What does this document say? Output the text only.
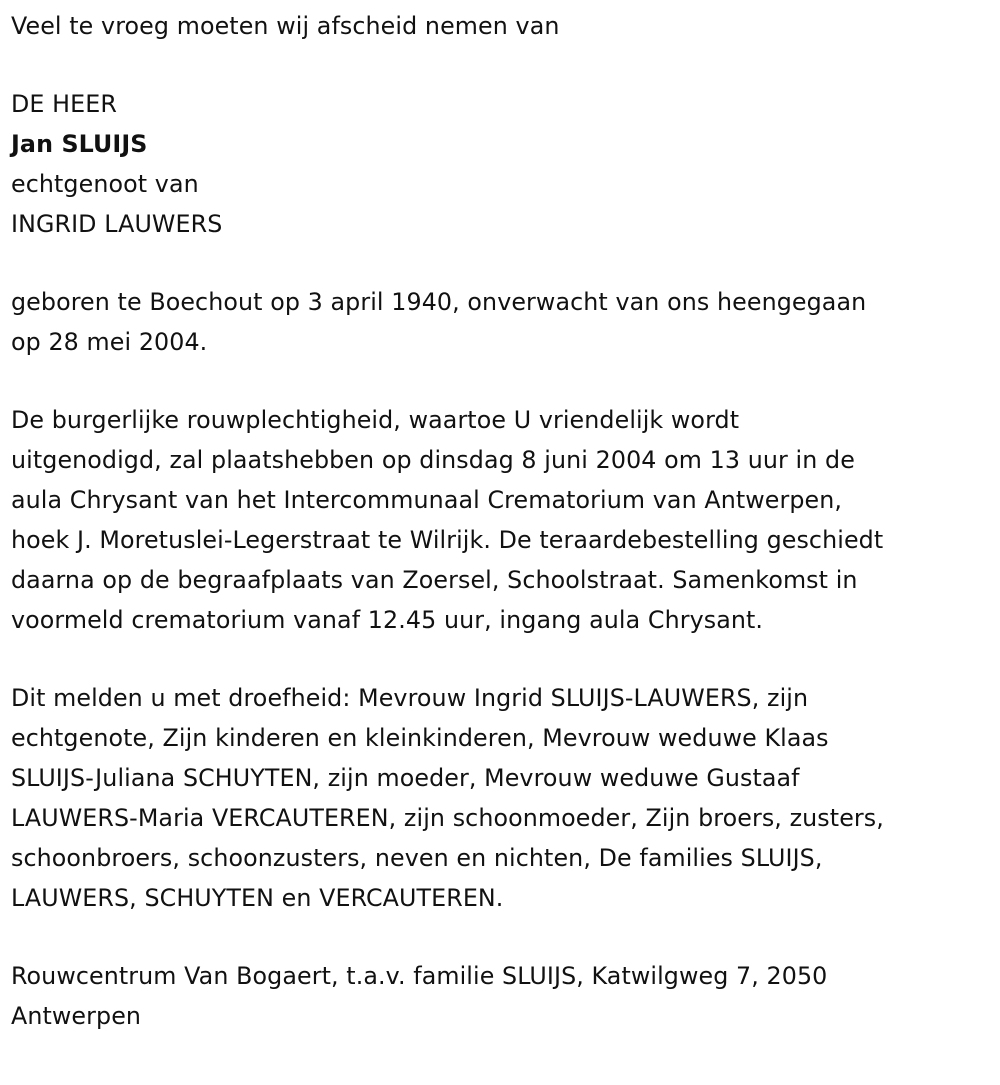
Veel te vroeg moeten wij afscheid nemen van
DE HEER
Jan SLUIJS
echtgenoot van
INGRID LAUWERS
geboren te Boechout op 3 april 1940, onverwacht van ons heengegaan
op 28 mei 2004.
De burgerlijke rouwplechtigheid, waartoe U vriendelijk wordt
uitgenodigd, zal plaatshebben op dinsdag 8 juni 2004 om 13 uur in de
aula Chrysant van het Intercommunaal Crematorium van Antwerpen,
hoek J. Moretuslei-Legerstraat te Wilrijk. De teraardebestelling geschiedt
daarna op de begraafplaats van Zoersel, Schoolstraat. Samenkomst in
voormeld crematorium vanaf 12.45 uur, ingang aula Chrysant.
Dit melden u met droefheid: Mevrouw Ingrid SLUIJS-LAUWERS, zijn
echtgenote, Zijn kinderen en kleinkinderen, Mevrouw weduwe Klaas
SLUIJS-Juliana SCHUYTEN, zijn moeder, Mevrouw weduwe Gustaaf
LAUWERS-Maria VERCAUTEREN, zijn schoonmoeder, Zijn broers, zusters,
schoonbroers, schoonzusters, neven en nichten, De families SLUIJS,
LAUWERS, SCHUYTEN en VERCAUTEREN.
Rouwcentrum Van Bogaert, t.a.v. familie SLUIJS, Katwilgweg 7, 2050
Antwerpen
